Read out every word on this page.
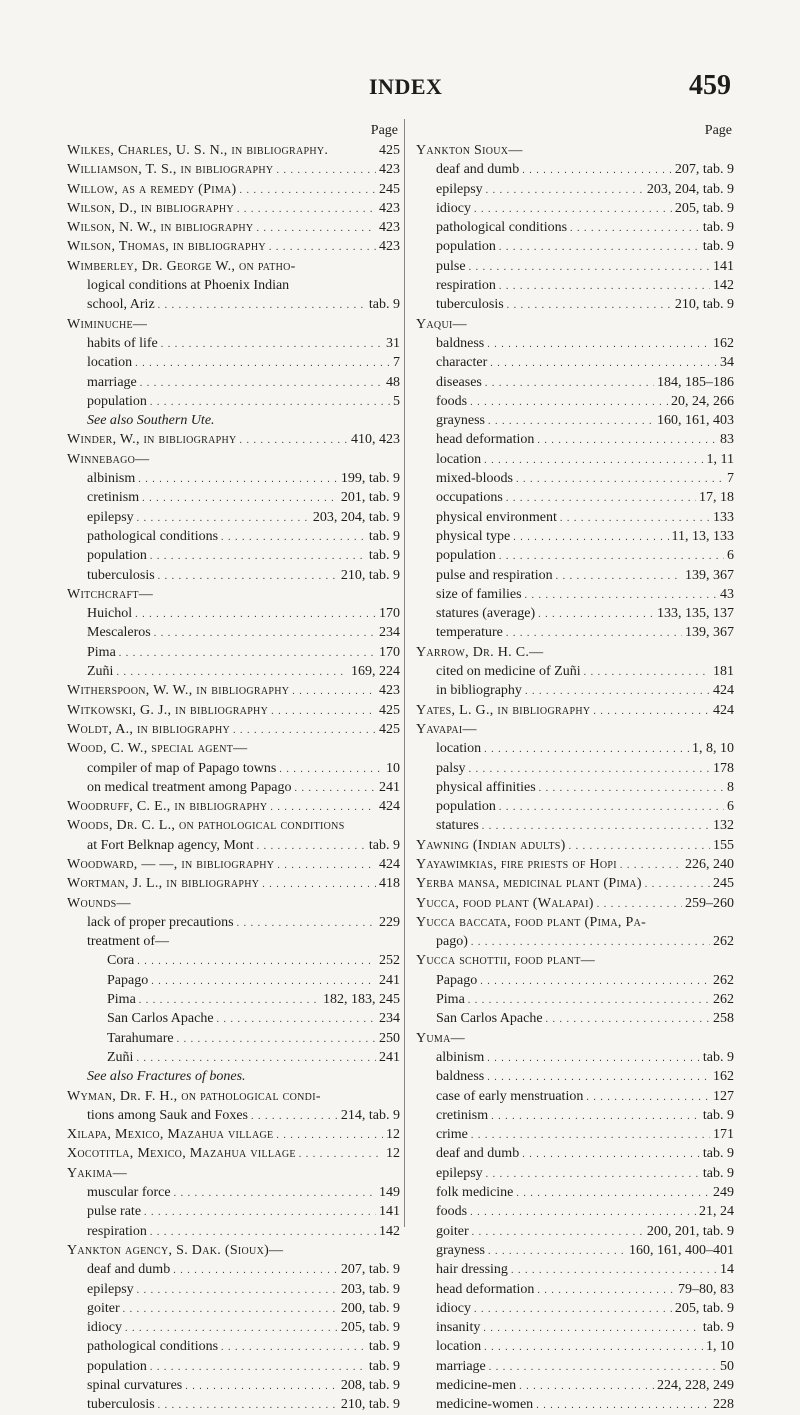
INDEX	459
Page
Wilkes, Charles, U. S. N., in bibliography.	425
Williamson, T. S., in bibliography . . .	423
Willow, as a remedy (Pima) . . .	245
Wilson, D., in bibliography . . .	423
Wilson, N. W., in bibliography . . .	423
Wilson, Thomas, in bibliography . . .	423
Wimberley, Dr. George W., on patho-
logical conditions at Phoenix Indian
school, Ariz . . .	tab. 9
Wiminuche—
habits of life . . .	31
location . . .	7
marriage . . .	48
population . . .	5
See also Southern Ute.
Winder, W., in bibliography . . .	410, 423
Winnebago—
albinism . . .	199, tab. 9
cretinism . . .	201, tab. 9
epilepsy . . .	203, 204, tab. 9
pathological conditions . . .	tab. 9
population . . .	tab. 9
tuberculosis . . .	210, tab. 9
Witchcraft—
Huichol . . .	170
Mescaleros . . .	234
Pima . . .	170
Zuñi . . .	169, 224
Witherspoon, W. W., in bibliography . . .	423
Witkowski, G. J., in bibliography . . .	425
Woldt, A., in bibliography . . .	425
Wood, C. W., special agent—
compiler of map of Papago towns . . .	10
on medical treatment among Papago . . .	241
Woodruff, C. E., in bibliography . . .	424
Woods, Dr. C. L., on pathological conditions
at Fort Belknap agency, Mont . . .	tab. 9
Woodward, — —, in bibliography . . .	424
Wortman, J. L., in bibliography . . .	418
Wounds—
lack of proper precautions . . .	229
treatment of—
Cora . . .	252
Papago . . .	241
Pima . . .	182, 183, 245
San Carlos Apache . . .	234
Tarahumare . . .	250
Zuñi . . .	241
See also Fractures of bones.
Wyman, Dr. F. H., on pathological condi-
tions among Sauk and Foxes . . .	214, tab. 9
Xilapa, Mexico, Mazahua village . . .	12
Xocotitla, Mexico, Mazahua village . . .	12
Yakima—
muscular force . . .	149
pulse rate . . .	141
respiration . . .	142
Yankton agency, S. Dak. (Sioux)—
deaf and dumb . . .	207, tab. 9
epilepsy . . .	203, tab. 9
goiter . . .	200, tab. 9
idiocy . . .	205, tab. 9
pathological conditions . . .	tab. 9
population . . .	tab. 9
spinal curvatures . . .	208, tab. 9
tuberculosis . . .	210, tab. 9
Page
Yankton Sioux—
deaf and dumb . . .	207, tab. 9
epilepsy . . .	203, 204, tab. 9
idiocy . . .	205, tab. 9
pathological conditions . . .	tab. 9
population . . .	tab. 9
pulse . . .	141
respiration . . .	142
tuberculosis . . .	210, tab. 9
Yaqui—
baldness . . .	162
character . . .	34
diseases . . .	184, 185–186
foods . . .	20, 24, 266
grayness . . .	160, 161, 403
head deformation . . .	83
location . . .	1, 11
mixed-bloods . . .	7
occupations . . .	17, 18
physical environment . . .	133
physical type . . .	11, 13, 133
population . . .	6
pulse and respiration . . .	139, 367
size of families . . .	43
statures (average) . . .	133, 135, 137
temperature . . .	139, 367
Yarrow, Dr. H. C.—
cited on medicine of Zuñi . . .	181
in bibliography . . .	424
Yates, L. G., in bibliography . . .	424
Yavapai—
location . . .	1, 8, 10
palsy . . .	178
physical affinities . . .	8
population . . .	6
statures . . .	132
Yawning (Indian adults) . . .	155
Yayawimkias, fire priests of Hopi . . .	226, 240
Yerba mansa, medicinal plant (Pima) . . .	245
Yucca, food plant (Walapai) . . .	259–260
Yucca baccata, food plant (Pima, Pa-
pago) . . .	262
Yucca schottii, food plant—
Papago . . .	262
Pima . . .	262
San Carlos Apache . . .	258
Yuma—
albinism . . .	tab. 9
baldness . . .	162
case of early menstruation . . .	127
cretinism . . .	tab. 9
crime . . .	171
deaf and dumb . . .	tab. 9
epilepsy . . .	tab. 9
folk medicine . . .	249
foods . . .	21, 24
goiter . . .	200, 201, tab. 9
grayness . . .	160, 161, 400–401
hair dressing . . .	14
head deformation . . .	79–80, 83
idiocy . . .	205, tab. 9
insanity . . .	tab. 9
location . . .	1, 10
marriage . . .	50
medicine-men . . .	224, 228, 249
medicine-women . . .	228
